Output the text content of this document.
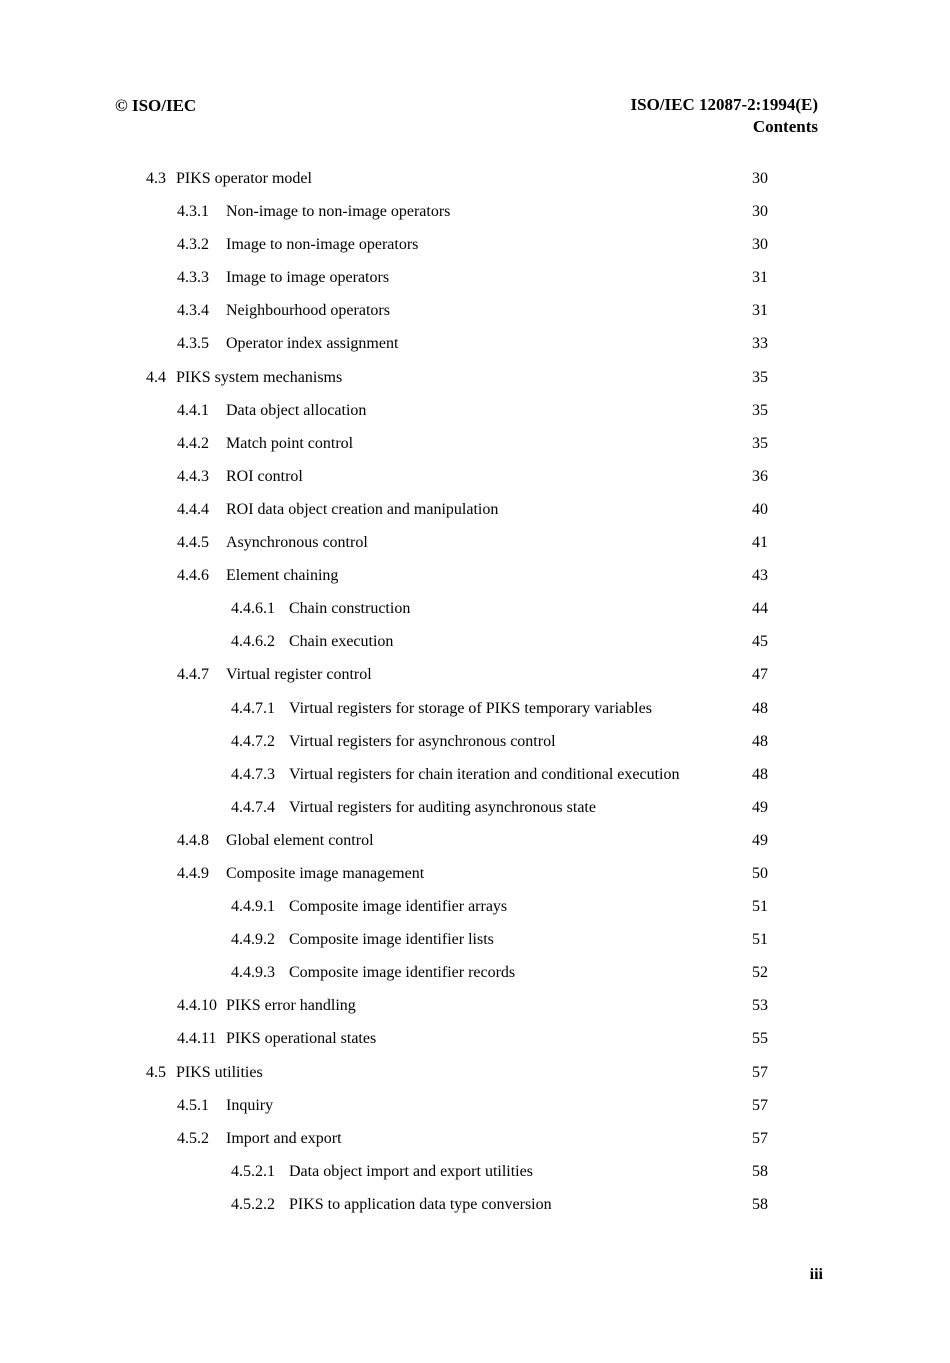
© ISO/IEC	ISO/IEC 12087-2:1994(E)
Contents
4.3 PIKS operator model	30
4.3.1 Non-image to non-image operators	30
4.3.2 Image to non-image operators	30
4.3.3 Image to image operators	31
4.3.4 Neighbourhood operators	31
4.3.5 Operator index assignment	33
4.4 PIKS system mechanisms	35
4.4.1 Data object allocation	35
4.4.2 Match point control	35
4.4.3 ROI control	36
4.4.4 ROI data object creation and manipulation	40
4.4.5 Asynchronous control	41
4.4.6 Element chaining	43
4.4.6.1 Chain construction	44
4.4.6.2 Chain execution	45
4.4.7 Virtual register control	47
4.4.7.1 Virtual registers for storage of PIKS temporary variables	48
4.4.7.2 Virtual registers for asynchronous control	48
4.4.7.3 Virtual registers for chain iteration and conditional execution	48
4.4.7.4 Virtual registers for auditing asynchronous state	49
4.4.8 Global element control	49
4.4.9 Composite image management	50
4.4.9.1 Composite image identifier arrays	51
4.4.9.2 Composite image identifier lists	51
4.4.9.3 Composite image identifier records	52
4.4.10 PIKS error handling	53
4.4.11 PIKS operational states	55
4.5 PIKS utilities	57
4.5.1 Inquiry	57
4.5.2 Import and export	57
4.5.2.1 Data object import and export utilities	58
4.5.2.2 PIKS to application data type conversion	58
iii
